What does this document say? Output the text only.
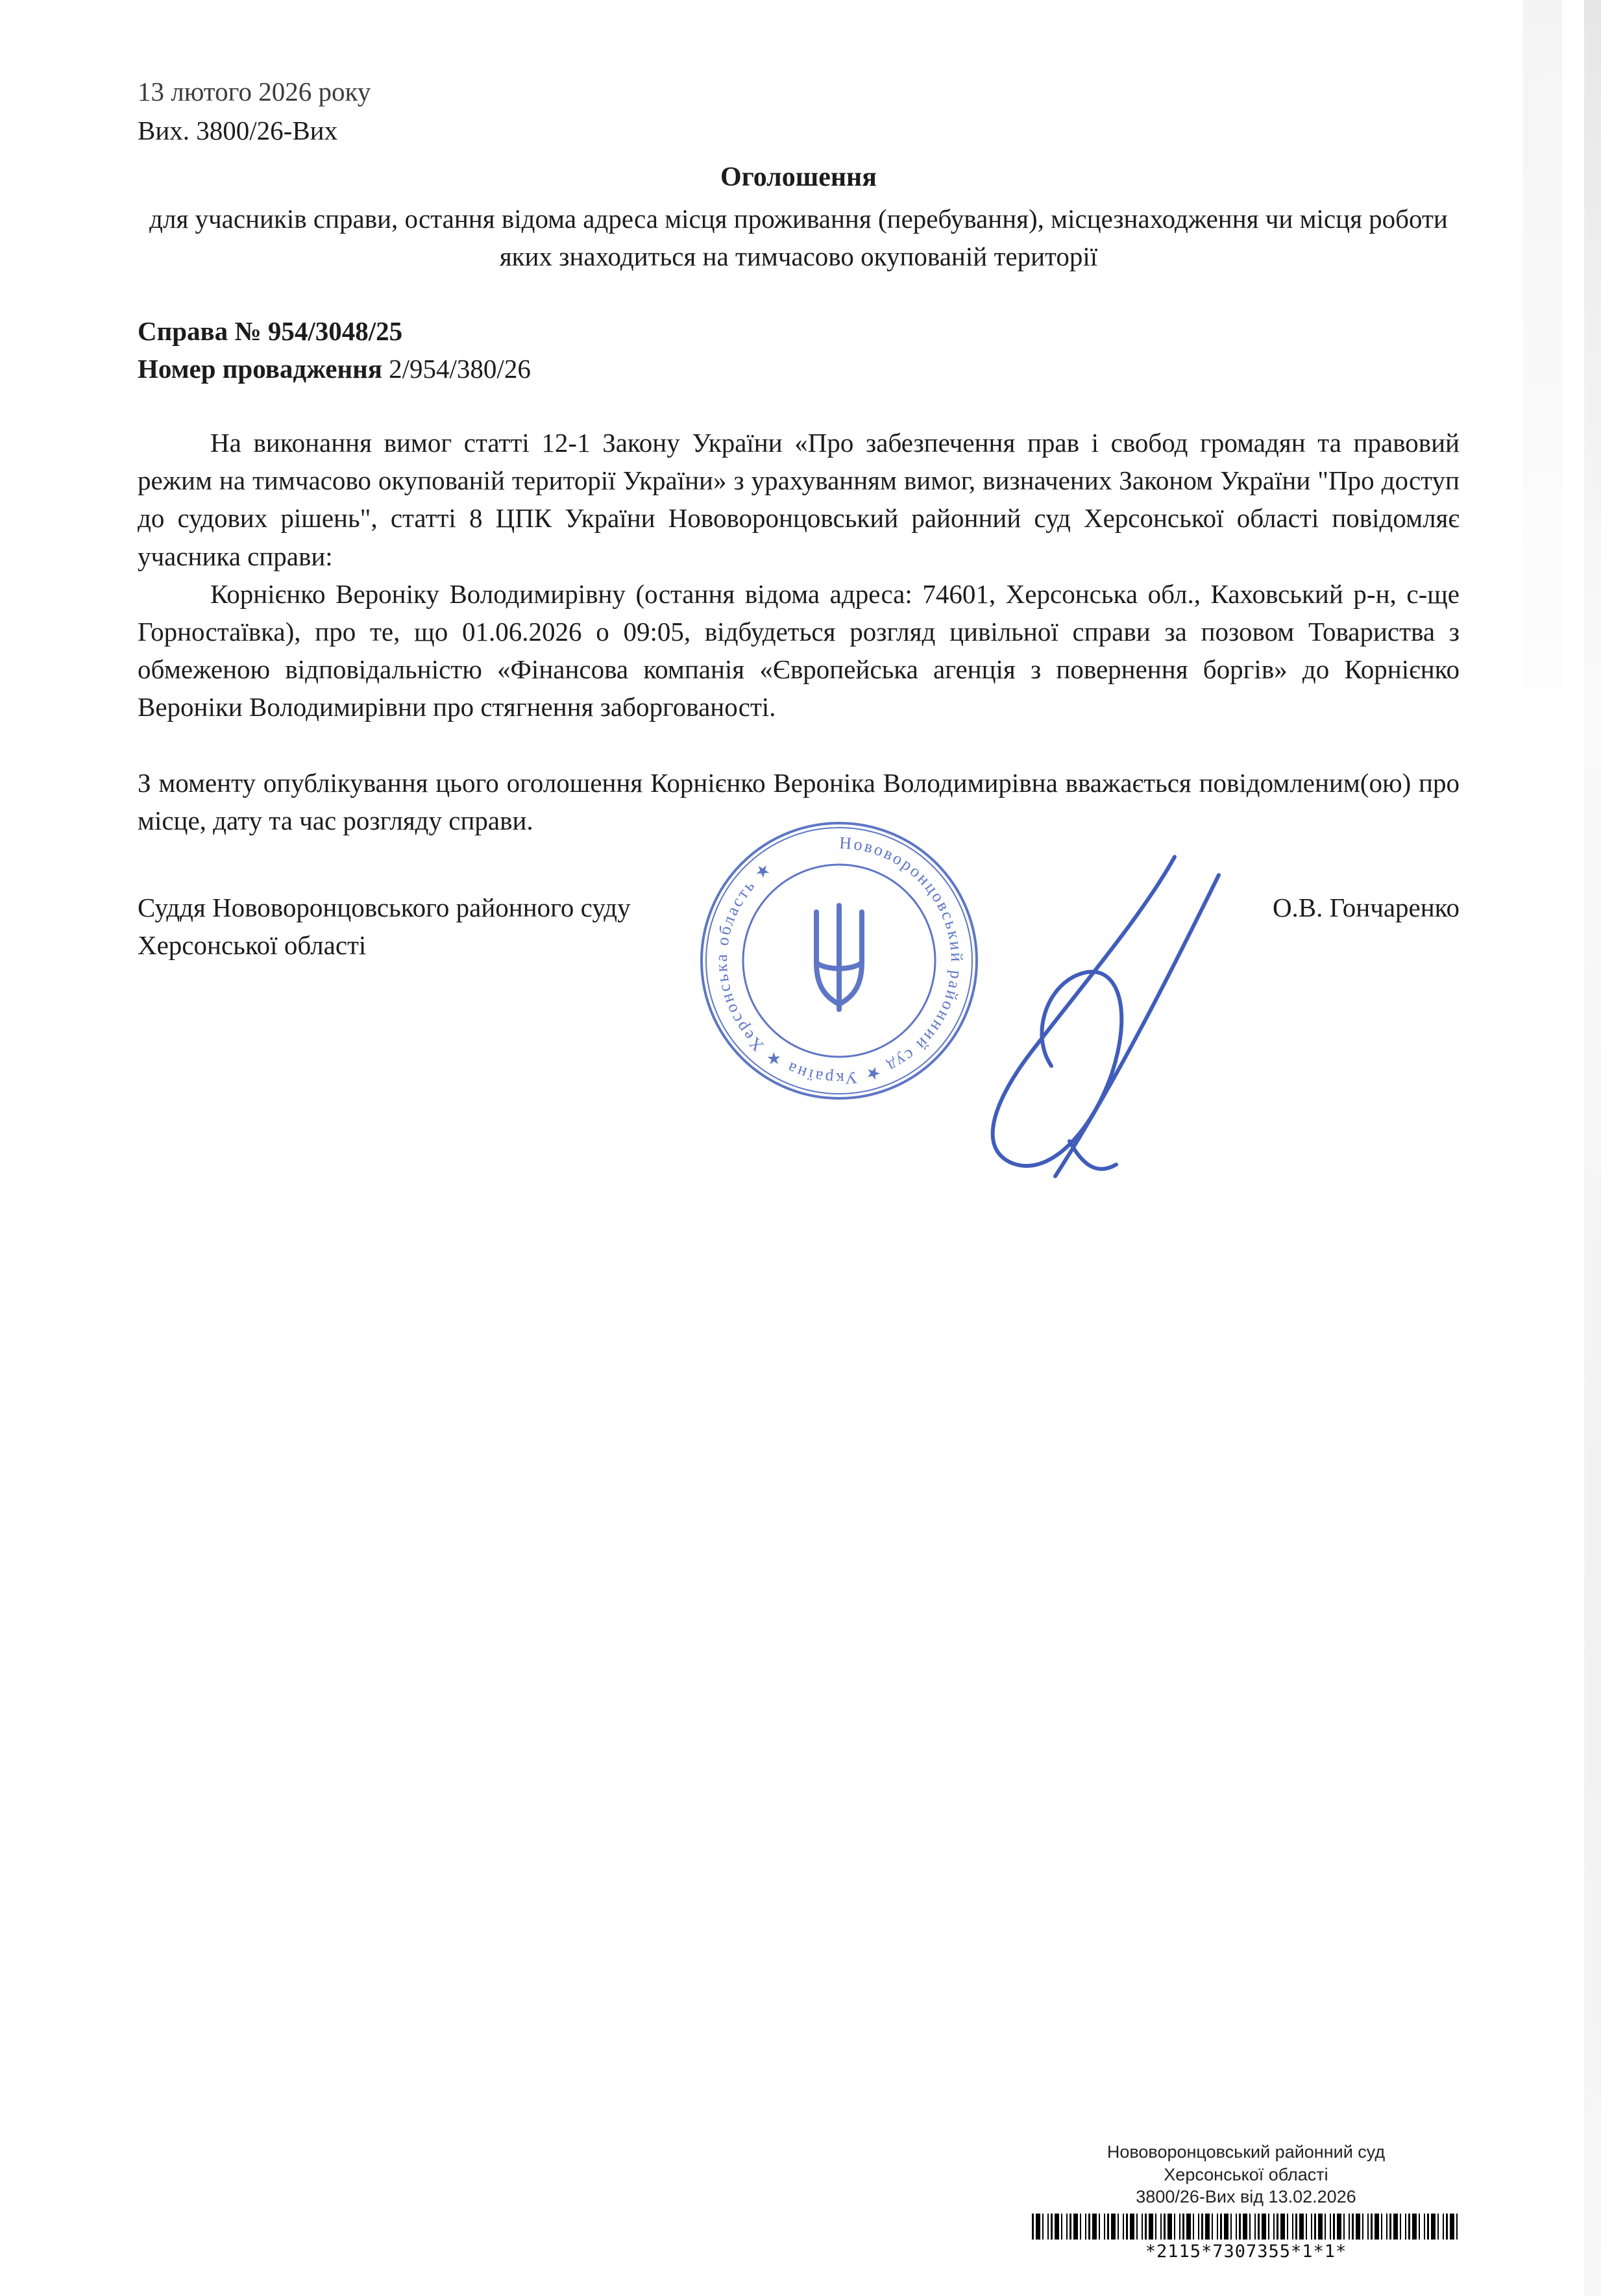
13 лютого 2026 року
Вих. 3800/26-Вих
Оголошення
для учасників справи, остання відома адреса місця проживання (перебування), місцезнаходження чи місця роботи яких знаходиться на тимчасово окупованій території
Справа № 954/3048/25
Номер провадження 2/954/380/26

На виконання вимог статті 12-1 Закону України «Про забезпечення прав і свобод громадян та правовий режим на тимчасово окупованій території України» з урахуванням вимог, визначених Законом України "Про доступ до судових рішень", статті 8 ЦПК України Нововоронцовський районний суд Херсонської області повідомляє учасника справи:

Корнієнко Вероніку Володимирівну (остання відома адреса: 74601, Херсонська обл., Каховський р-н, с-ще Горностаївка), про те, що 01.06.2026 о 09:05, відбудеться розгляд цивільної справи за позовом Товариства з обмеженою відповідальністю «Фінансова компанія «Європейська агенція з повернення боргів» до Корнієнко Вероніки Володимирівни про стягнення заборгованості.

З моменту опублікування цього оголошення Корнієнко Вероніка Володимирівна вважається повідомленим(ою) про місце, дату та час розгляду справи.

Суддя Нововоронцовського районного суду
Херсонської області
О.В. Гончаренко
Нововоронцовський районний суд ★ Україна ★ Херсонська область ★
Нововоронцовський районний суд
Херсонської області
3800/26-Вих від 13.02.2026
*2115*7307355*1*1*
